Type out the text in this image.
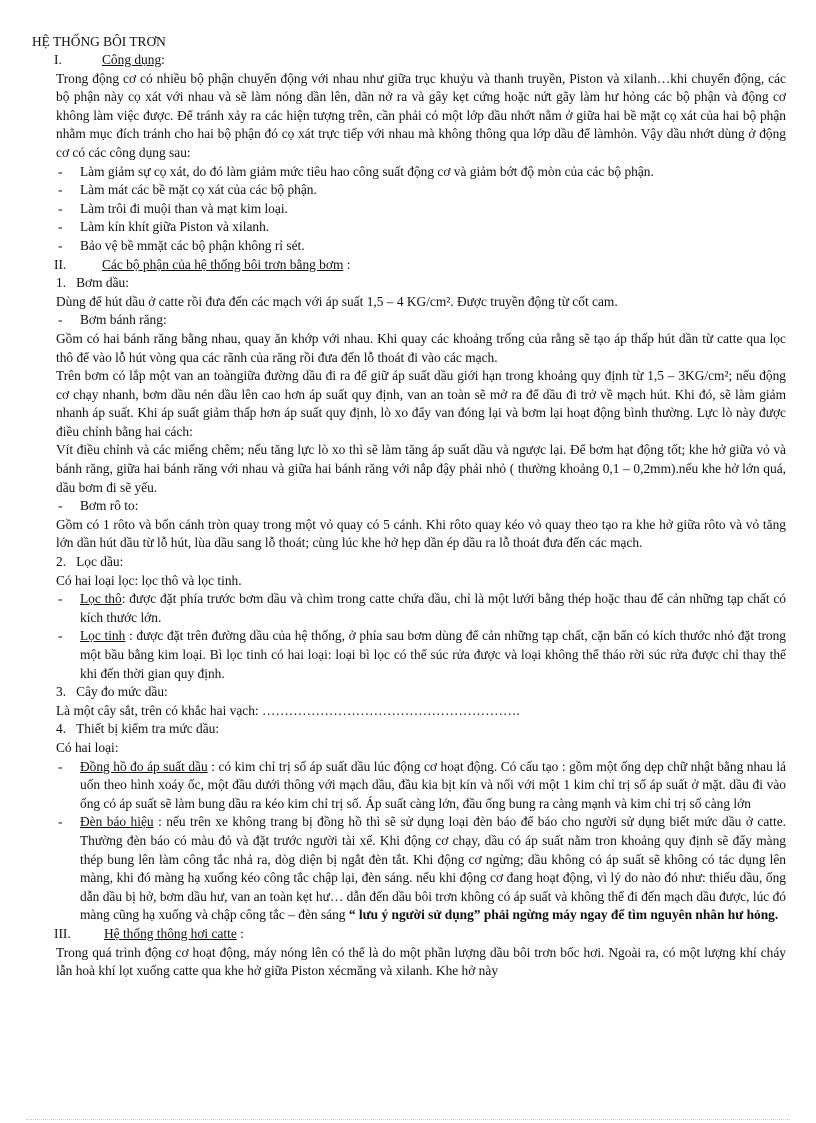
HỆ THỐNG BÔI TRƠN
I.	Công dụng:

Trong động cơ có nhiều bộ phận chuyển động với nhau như giữa trục khuỷu và thanh truyền, Piston và xilanh…khi chuyển động, các bộ phận này cọ xát với nhau và sẽ làm nóng dần lên, dãn nở ra và gây kẹt cứng hoặc nứt gãy làm hư hỏng các bộ phận và động cơ không làm việc được. Để tránh xảy ra các hiện tượng trên, cần phải có một lớp dầu nhớt nằm ở giữa hai bề mặt cọ xát của hai bộ phận nhằm mục đích tránh cho hai bộ phận đó cọ xát trực tiếp với nhau mà không thông qua lớp dầu để làmhỏn. Vậy dầu nhớt dùng ở động cơ có các công dụng sau:

- Làm giảm sự cọ xát, do đó làm giảm mức tiêu hao công suất động cơ và giảm bớt độ mòn của các bộ phận.
- Làm mát các bề mặt cọ xát của các bộ phận.
- Làm trôi đi muội than và mạt kim loại.
- Làm kín khít giữa Piston và xilanh.
- Bảo vệ bề mmặt các bộ phận không rỉ sét.
II.	Các bộ phận của hệ thống bôi trơn bằng bơm :
1. Bơm dầu:

Dùng để hút dầu ở catte rồi đưa đến các mạch với áp suất 1,5 – 4 KG/cm². Được truyền động từ cốt cam.

- Bơm bánh răng:

Gồm có hai bánh răng bằng nhau, quay ăn khớp với nhau. Khi quay các khoảng trống của rằng sẽ tạo áp thấp hút dần từ catte qua lọc thô để vào lỗ hút vòng qua các rãnh của răng rồi đưa đến lỗ thoát đi vào các mạch.

Trên bơm có lắp một van an toàngiữa đường dầu đi ra để giữ áp suất dầu giới hạn trong khoảng quy định từ 1,5 – 3KG/cm²; nếu động cơ chạy nhanh, bơm dầu nén dầu lên cao hơn áp suất quy định, van an toàn sẽ mở ra để dầu đi trở về mạch hút. Khi đó, sẽ làm giảm nhanh áp suất. Khi áp suất giảm thấp hơn áp suất quy định, lò xo đẩy van đóng lại và bơm lại hoạt động bình thường. Lực lò này được điều chỉnh bằng hai cách:

Vít điều chỉnh và các miếng chêm; nếu tăng lực lò xo thì sẽ làm tăng áp suất dầu và ngược lại. Để bơm hạt động tốt; khe hở giữa vỏ và bánh răng, giữa hai bánh răng với nhau và giữa hai bánh răng với nắp đậy phải nhỏ ( thường khoảng 0,1 – 0,2mm).nếu khe hở lớn quá, dầu bơm đi sẽ yếu.

- Bơm rô to:

Gồm có 1 rôto và bốn cánh tròn quay trong một vỏ quay có 5 cánh. Khi rôto quay kéo vỏ quay theo tạo ra khe hở giữa rôto và vỏ tăng lớn dần hút dầu từ lỗ hút, lùa dầu sang lỗ thoát; cùng lúc khe hở hẹp dần ép dầu ra lỗ thoát đưa đến các mạch.

2. Lọc dầu:

Có hai loại lọc: lọc thô và lọc tinh.

- Lọc thô: được đặt phía trước bơm dầu và chìm trong catte chứa dầu, chỉ là một lưới bằng thép hoặc thau để cản những tạp chất có kích thước lớn.
- Lọc tinh : được đặt trên đường dầu của hệ thống, ở phía sau bơm dùng để cản những tạp chất, cặn bẩn có kích thước nhỏ đặt trong một bầu bằng kim loại. Bì lọc tinh có hai loại: loại bì lọc có thể súc rửa được và loại không thể tháo rời súc rửa được chỉ thay thế khi đến thời gian quy định.
3. Cây đo mức dầu:

Là một cây sắt, trên có khắc hai vạch: ………………………………………………….

4. Thiết bị kiểm tra mức dầu:

Có hai loại:

- Đồng hồ đo áp suất dầu : có kim chỉ trị số áp suất dầu lúc động cơ hoạt động. Có cấu tạo : gồm một ống dẹp chữ nhật bằng nhau lá uốn theo hình xoáy ốc, một đầu dưới thông với mạch dầu, đầu kia bịt kín và nối với một 1 kim chỉ trị số áp suất ở mặt. dầu đi vào ống có áp suất sẽ làm bung dầu ra kéo kim chỉ trị số. Áp suất càng lớn, đầu ống bung ra càng mạnh và kim chỉ trị số càng lớn
- Đèn báo hiệu : nếu trên xe không trang bị đồng hồ thì sẽ sử dụng loại đèn báo để báo cho người sử dụng biết mức dầu ở catte. Thường đèn báo có màu đỏ và đặt trước người tài xế. Khi động cơ chạy, dầu có áp suất nằm tron khoảng quy định sẽ đẩy màng thép bung lên làm công tắc nhả ra, dòg diện bị ngắt đèn tắt. Khi động cơ ngừng; dầu không có áp suất sẽ không có tác dụng lên màng, khi đó màng hạ xuống kéo công tắc chập lại, đèn sáng. nếu khi động cơ đang hoạt động, vì lý do nào đó như: thiếu dầu, ống dẫn dầu bị hở, bơm dầu hư, van an toàn kẹt hư… dẫn đến dầu bôi trơn không có áp suất và không thể đi đến mạch dầu được, lúc đó màng cũng hạ xuống và chập công tắc – đèn sáng “ lưu ý người sử dụng” phải ngừng máy ngay để tìm nguyên nhân hư hỏng.
III. Hệ thống thông hơi catte :

Trong quá trình động cơ hoạt động, máy nóng lên có thể là do một phần lượng dầu bôi trơn bốc hơi. Ngoài ra, có một lượng khí cháy lẫn hoà khí lọt xuống catte qua khe hở giữa Piston xécmăng và xilanh. Khe hở này
